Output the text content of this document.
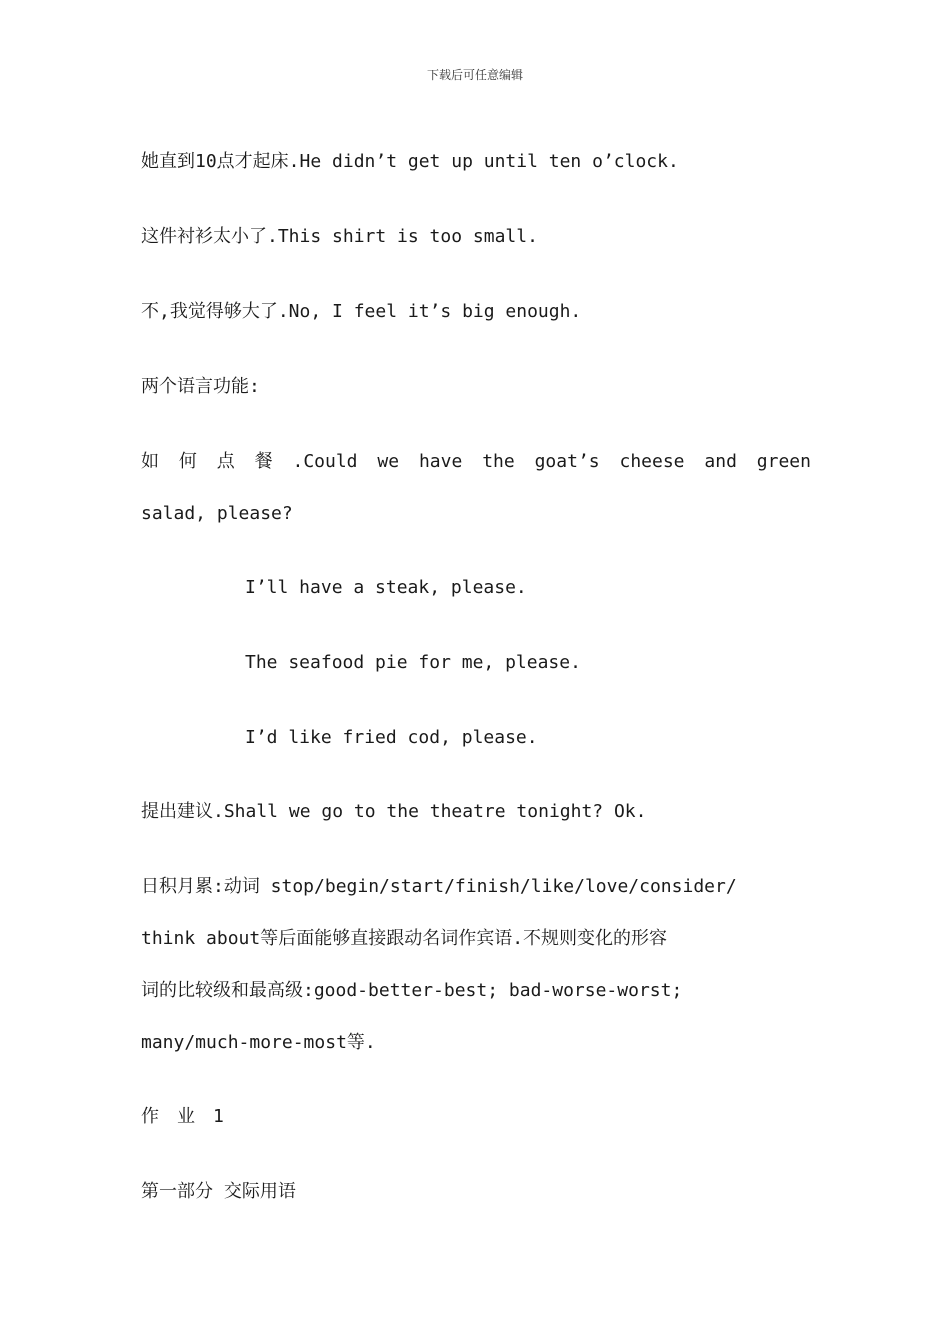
下载后可任意编辑
她直到10点才起床.He didn’t get up until ten o’clock.
这件衬衫太小了.This shirt is too small.
不,我觉得够大了.No, I feel it’s big enough.
两个语言功能:
如 何 点 餐 .Could we have the goat’s cheese and green
salad, please?
I’ll have a steak, please.
The seafood pie for me, please.
I’d like fried cod, please.
提出建议.Shall we go to the theatre tonight? Ok.
日积月累:动词 stop/begin/start/finish/like/love/consider/
think about等后面能够直接跟动名词作宾语.不规则变化的形容
词的比较级和最高级:good-better-best; bad-worse-worst;
many/much-more-most等.
作　业　1
第一部分 交际用语
